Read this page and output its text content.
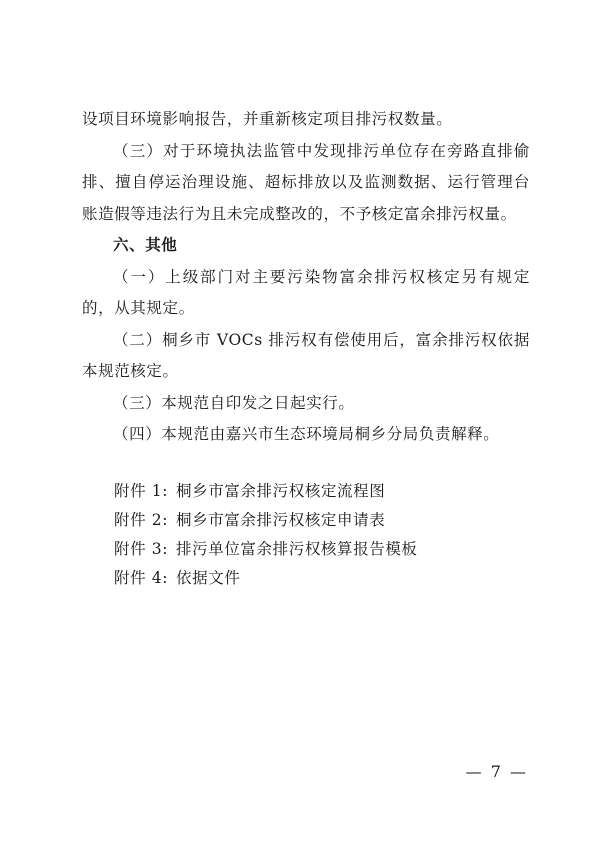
设项目环境影响报告，并重新核定项目排污权数量。

（三）对于环境执法监管中发现排污单位存在旁路直排偷排、擅自停运治理设施、超标排放以及监测数据、运行管理台账造假等违法行为且未完成整改的，不予核定富余排污权量。

六、其他

（一）上级部门对主要污染物富余排污权核定另有规定的，从其规定。

（二）桐乡市 VOCs 排污权有偿使用后，富余排污权依据本规范核定。

（三）本规范自印发之日起实行。

（四）本规范由嘉兴市生态环境局桐乡分局负责解释。

附件 1: 桐乡市富余排污权核定流程图

附件 2: 桐乡市富余排污权核定申请表

附件 3: 排污单位富余排污权核算报告模板

附件 4: 依据文件

— 7 —
